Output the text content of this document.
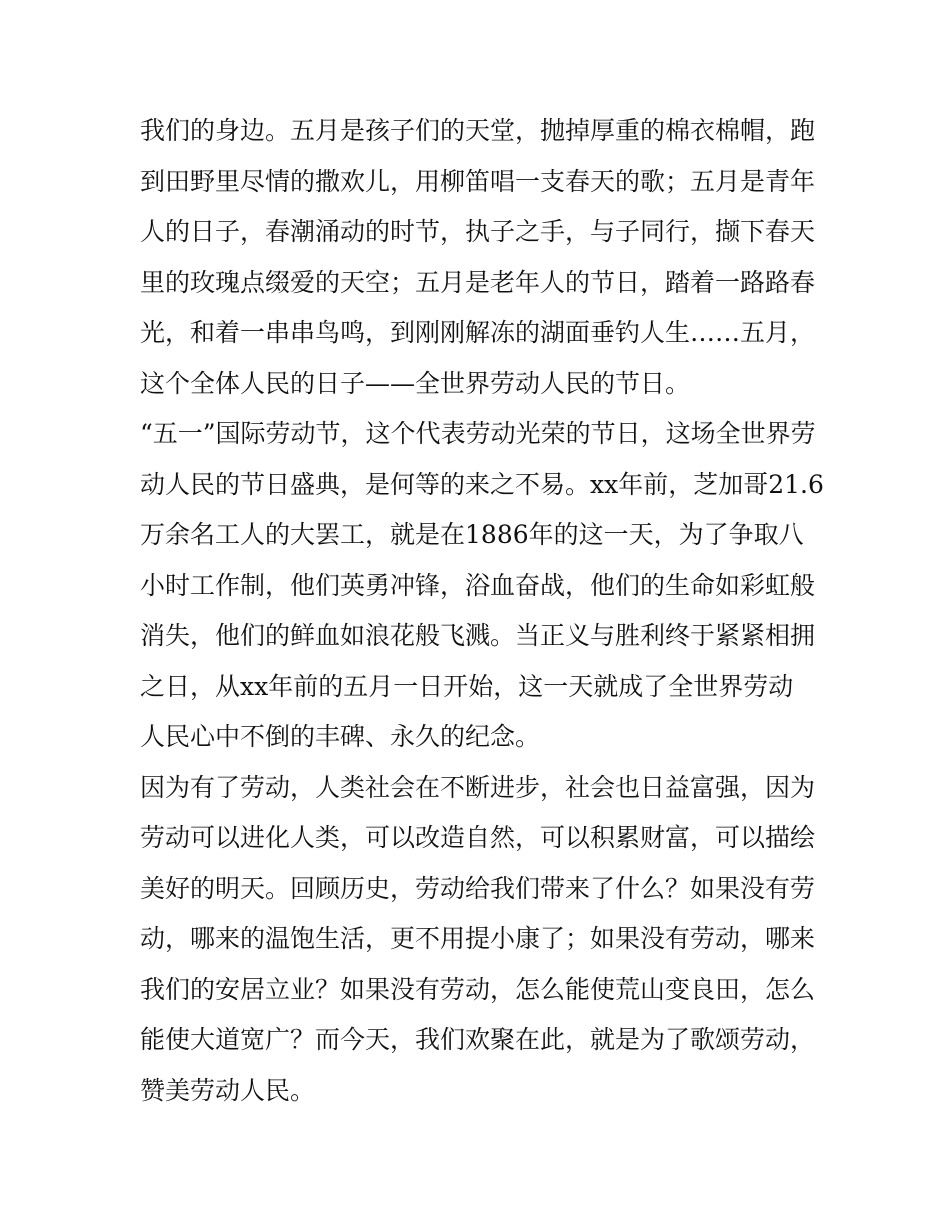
我们的身边。五月是孩子们的天堂，抛掉厚重的棉衣棉帽，跑
到田野里尽情的撒欢儿，用柳笛唱一支春天的歌；五月是青年
人的日子，春潮涌动的时节，执子之手，与子同行，撷下春天
里的玫瑰点缀爱的天空；五月是老年人的节日，踏着一路路春
光，和着一串串鸟鸣，到刚刚解冻的湖面垂钓人生……五月，
这个全体人民的日子——全世界劳动人民的节日。
“五一”国际劳动节，这个代表劳动光荣的节日，这场全世界劳
动人民的节日盛典，是何等的来之不易。xx年前，芝加哥21.6
万余名工人的大罢工，就是在1886年的这一天，为了争取八
小时工作制，他们英勇冲锋，浴血奋战，他们的生命如彩虹般
消失，他们的鲜血如浪花般飞溅。当正义与胜利终于紧紧相拥
之日，从xx年前的五月一日开始，这一天就成了全世界劳动
人民心中不倒的丰碑、永久的纪念。
因为有了劳动，人类社会在不断进步，社会也日益富强，因为
劳动可以进化人类，可以改造自然，可以积累财富，可以描绘
美好的明天。回顾历史，劳动给我们带来了什么？如果没有劳
动，哪来的温饱生活，更不用提小康了；如果没有劳动，哪来
我们的安居立业？如果没有劳动，怎么能使荒山变良田，怎么
能使大道宽广？而今天，我们欢聚在此，就是为了歌颂劳动，
赞美劳动人民。
